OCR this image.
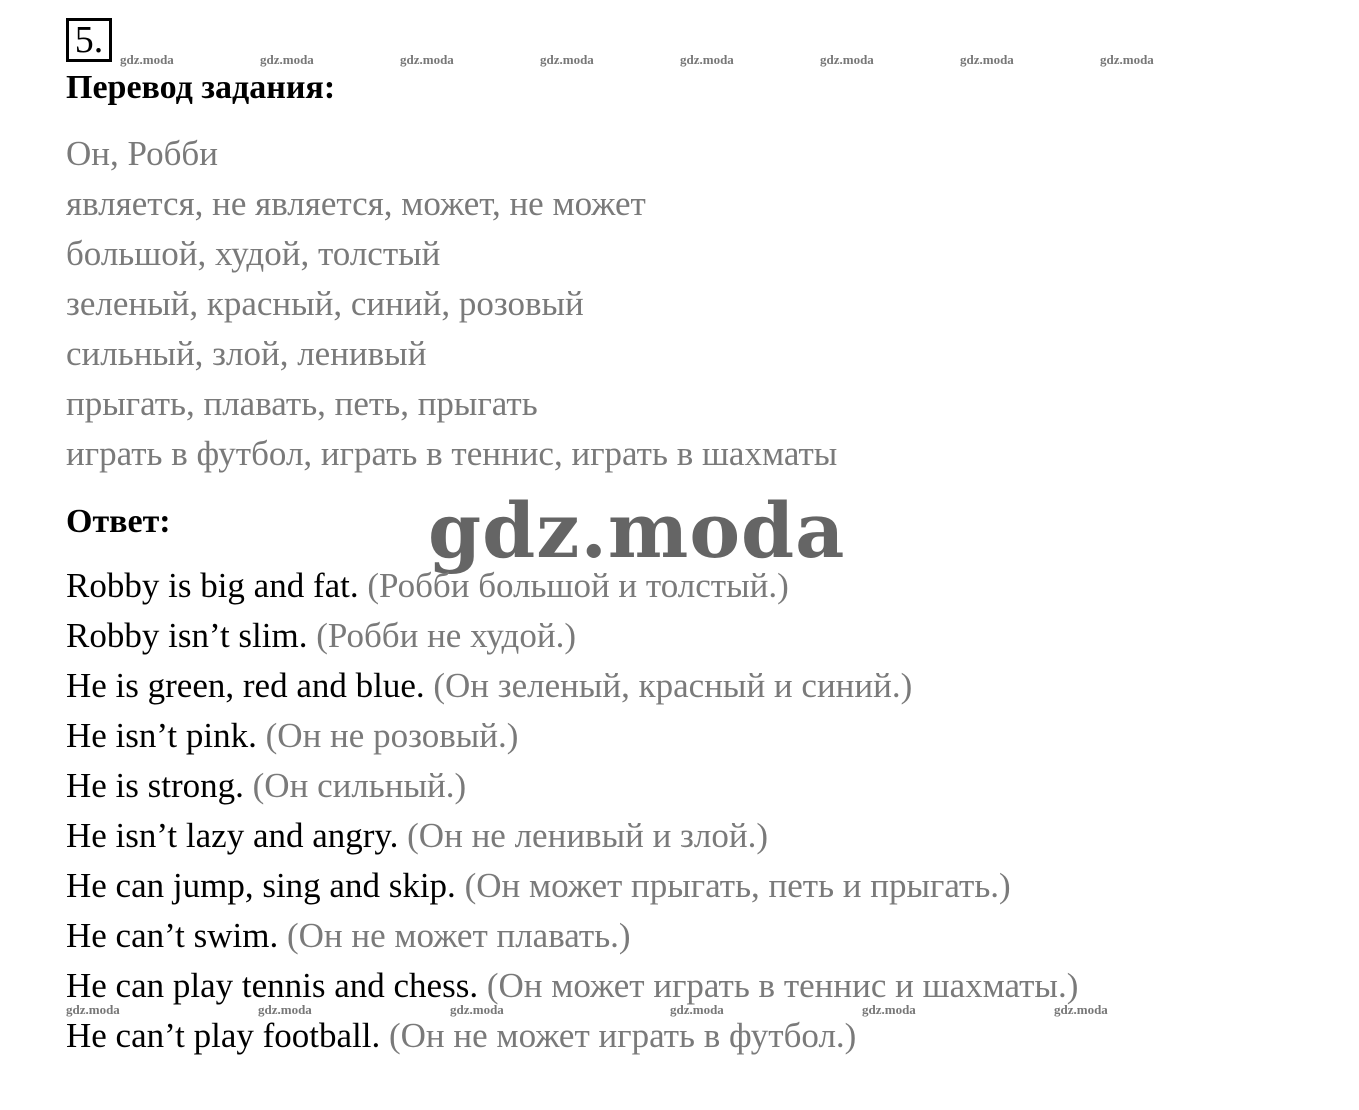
5.	gdz.moda	gdz.moda	gdz.moda	gdz.moda	gdz.moda	gdz.moda	gdz.moda	gdz.moda
Перевод задания:
Он, Робби
является, не является, может, не может
большой, худой, толстый
зеленый, красный, синий, розовый
сильный, злой, ленивый
прыгать, плавать, петь, прыгать
играть в футбол, играть в теннис, играть в шахматы
Ответ:	gdz.moda
Robby is big and fat. (Робби большой и толстый.)
Robby isn’t slim. (Робби не худой.)
He is green, red and blue. (Он зеленый, красный и синий.)
He isn’t pink. (Он не розовый.)
He is strong. (Он сильный.)
He isn’t lazy and angry. (Он не ленивый и злой.)
He can jump, sing and skip. (Он может прыгать, петь и прыгать.)
He can’t swim. (Он не может плавать.)
He can play tennis and chess. (Он может играть в теннис и шахматы.)
He can’t play football. (Он не может играть в футбол.)
gdz.moda	gdz.moda	gdz.moda	gdz.moda	gdz.moda	gdz.moda
